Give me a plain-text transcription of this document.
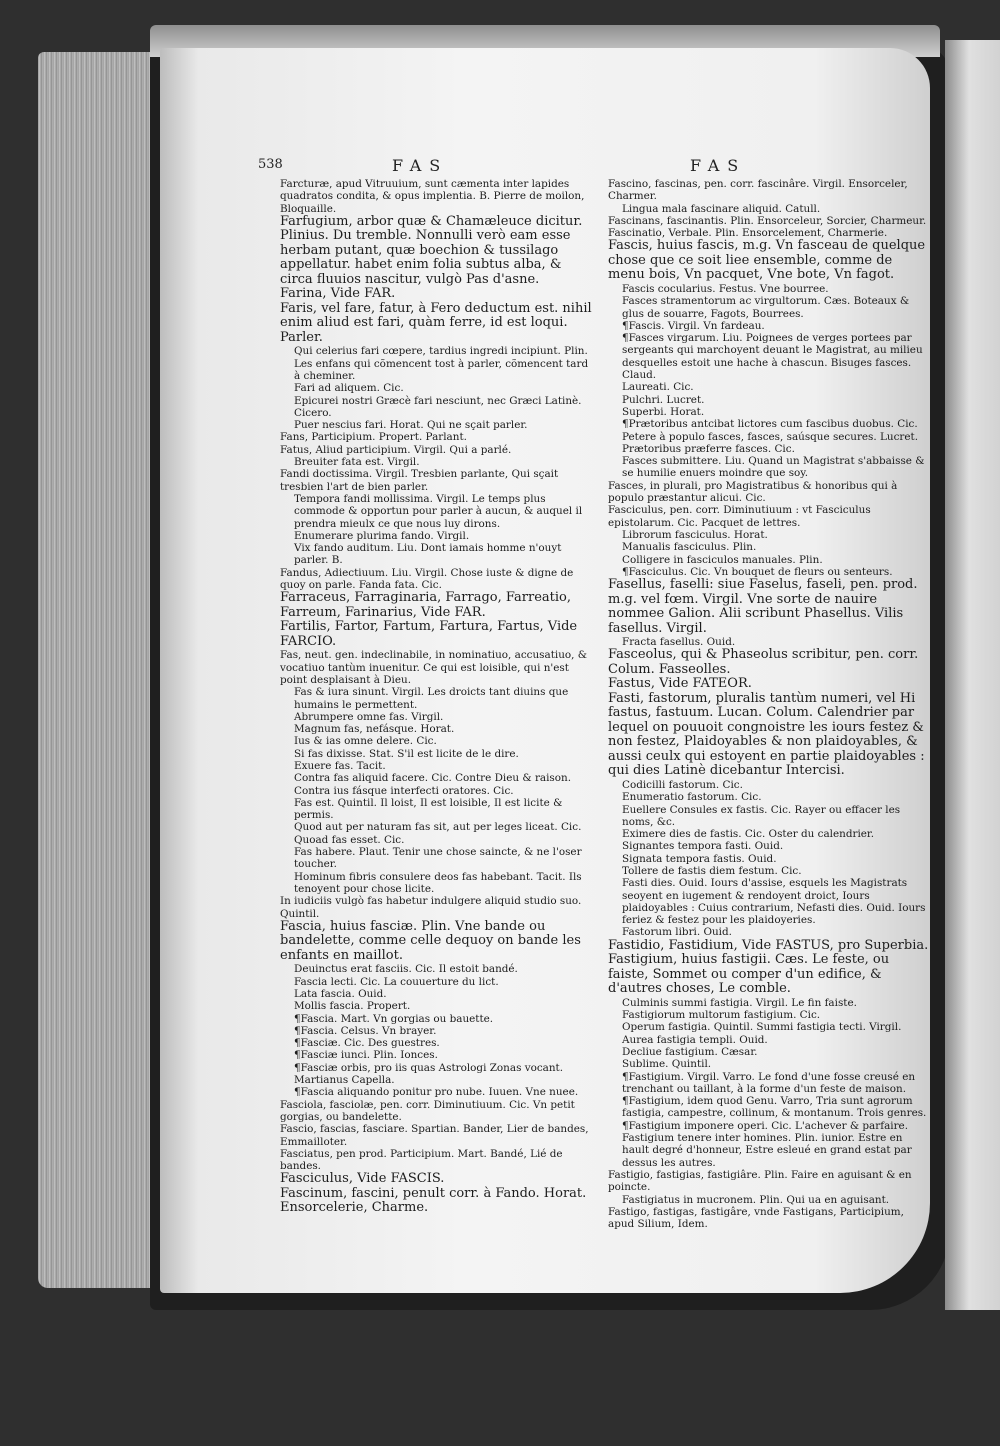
538	FAS	FAS

Farcturæ, apud Vitruuium, sunt cæmenta inter lapides quadratos condita, & opus implentia. B. Pierre de moilon, Bloquaille.

Farfugium, arbor quæ & Chamæleuce dicitur. Plinius. Du tremble. Nonnulli verò eam esse herbam putant, quæ boechion & tussilago appellatur. habet enim folia subtus alba, & circa fluuios nascitur, vulgò Pas d'asne.

Farina, Vide FAR.

Faris, vel fare, fatur, à Fero deductum est. nihil enim aliud est fari, quàm ferre, id est loqui. Parler.

Qui celerius fari cœpere, tardius ingredi incipiunt. Plin. Les enfans qui cõmencent tost à parler, cõmencent tard à cheminer.

Fari ad aliquem. Cic.

Epicurei nostri Græcè fari nesciunt, nec Græci Latinè. Cicero.

Puer nescius fari. Horat. Qui ne sçait parler.

Fans, Participium. Propert. Parlant.

Fatus, Aliud participium. Virgil. Qui a parlé.

Breuiter fata est. Virgil.

Fandi doctissima. Virgil. Tresbien parlante, Qui sçait tresbien l'art de bien parler.

Tempora fandi mollissima. Virgil. Le temps plus commode & opportun pour parler à aucun, & auquel il prendra mieulx ce que nous luy dirons.

Enumerare plurima fando. Virgil.

Vix fando auditum. Liu. Dont iamais homme n'ouyt parler. B.

Fandus, Adiectiuum. Liu. Virgil. Chose iuste & digne de quoy on parle. Fanda fata. Cic.

Farraceus, Farraginaria, Farrago, Farreatio, Farreum, Farinarius, Vide FAR.

Fartilis, Fartor, Fartum, Fartura, Fartus, Vide FARCIO.

Fas, neut. gen. indeclinabile, in nominatiuo, accusatiuo, & vocatiuo tantùm inuenitur. Ce qui est loisible, qui n'est point desplaisant à Dieu.

Fas & iura sinunt. Virgil. Les droicts tant diuins que humains le permettent.

Abrumpere omne fas. Virgil.

Magnum fas, nefásque. Horat.

Ius & ias omne delere. Cic.

Si fas dixisse. Stat. S'il est licite de le dire.

Exuere fas. Tacit.

Contra fas aliquid facere. Cic. Contre Dieu & raison.

Contra ius fásque interfecti oratores. Cic.

Fas est. Quintil. Il loist, Il est loisible, Il est licite & permis.

Quod aut per naturam fas sit, aut per leges liceat. Cic.

Quoad fas esset. Cic.

Fas habere. Plaut. Tenir une chose saincte, & ne l'oser toucher.

Hominum fibris consulere deos fas habebant. Tacit. Ils tenoyent pour chose licite.

In iudiciis vulgò fas habetur indulgere aliquid studio suo. Quintil.

Fascia, huius fasciæ. Plin. Vne bande ou bandelette, comme celle dequoy on bande les enfants en maillot.

Deuinctus erat fasciis. Cic. Il estoit bandé.

Fascia lecti. Cic. La couuerture du lict.

Lata fascia. Ouid.

Mollis fascia. Propert.

¶Fascia. Mart. Vn gorgias ou bauette.

¶Fascia. Celsus. Vn brayer.

¶Fasciæ. Cic. Des guestres.

¶Fasciæ iunci. Plin. Ionces.

¶Fasciæ orbis, pro iis quas Astrologi Zonas vocant. Martianus Capella.

¶Fascia aliquando ponitur pro nube. Iuuen. Vne nuee.

Fasciola, fasciolæ, pen. corr. Diminutiuum. Cic. Vn petit gorgias, ou bandelette.

Fascio, fascias, fasciare. Spartian. Bander, Lier de bandes, Emmailloter.

Fasciatus, pen prod. Participium. Mart. Bandé, Lié de bandes.

Fasciculus, Vide FASCIS.

Fascinum, fascini, penult corr. à Fando. Horat. Ensorcelerie, Charme.

Fascino, fascinas, pen. corr. fascinâre. Virgil. Ensorceler, Charmer.

Lingua mala fascinare aliquid. Catull.

Fascinans, fascinantis. Plin. Ensorceleur, Sorcier, Charmeur.

Fascinatio, Verbale. Plin. Ensorcelement, Charmerie.

Fascis, huius fascis, m.g. Vn fasceau de quelque chose que ce soit liee ensemble, comme de menu bois, Vn pacquet, Vne bote, Vn fagot.

Fascis cocularius. Festus. Vne bourree.

Fasces stramentorum ac virgultorum. Cæs. Boteaux & glus de souarre, Fagots, Bourrees.

¶Fascis. Virgil. Vn fardeau.

¶Fasces virgarum. Liu. Poignees de verges portees par sergeants qui marchoyent deuant le Magistrat, au milieu desquelles estoit une hache à chascun. Bisuges fasces. Claud.

Laureati. Cic.

Pulchri. Lucret.

Superbi. Horat.

¶Prætoribus antcibat lictores cum fascibus duobus. Cic.

Petere à populo fasces, fasces, saúsque secures. Lucret.

Prætoribus præferre fasces. Cic.

Fasces submittere. Liu. Quand un Magistrat s'abbaisse & se humilie enuers moindre que soy.

Fasces, in plurali, pro Magistratibus & honoribus qui à populo præstantur alicui. Cic.

Fasciculus, pen. corr. Diminutiuum : vt Fasciculus epistolarum. Cic. Pacquet de lettres.

Librorum fasciculus. Horat.

Manualis fasciculus. Plin.

Colligere in fasciculos manuales. Plin.

¶Fasciculus. Cic. Vn bouquet de fleurs ou senteurs.

Fasellus, faselli: siue Faselus, faseli, pen. prod. m.g. vel fœm. Virgil. Vne sorte de nauire nommee Galion. Alii scribunt Phasellus. Vilis fasellus. Virgil.

Fracta fasellus. Ouid.

Fasceolus, qui & Phaseolus scribitur, pen. corr. Colum. Fasseolles.

Fastus, Vide FATEOR.

Fasti, fastorum, pluralis tantùm numeri, vel Hi fastus, fastuum. Lucan. Colum. Calendrier par lequel on pouuoit congnoistre les iours festez & non festez, Plaidoyables & non plaidoyables, & aussi ceulx qui estoyent en partie plaidoyables : qui dies Latinè dicebantur Intercisi.

Codicilli fastorum. Cic.

Enumeratio fastorum. Cic.

Euellere Consules ex fastis. Cic. Rayer ou effacer les noms, &c.

Eximere dies de fastis. Cic. Oster du calendrier.

Signantes tempora fasti. Ouid.

Signata tempora fastis. Ouid.

Tollere de fastis diem festum. Cic.

Fasti dies. Ouid. Iours d'assise, esquels les Magistrats seoyent en iugement & rendoyent droict, Iours plaidoyables : Cuius contrarium, Nefasti dies. Ouid. Iours feriez & festez pour les plaidoyeries.

Fastorum libri. Ouid.

Fastidio, Fastidium, Vide FASTUS, pro Superbia.

Fastigium, huius fastigii. Cæs. Le feste, ou faiste, Sommet ou comper d'un edifice, & d'autres choses, Le comble.

Culminis summi fastigia. Virgil. Le fin faiste.

Fastigiorum multorum fastigium. Cic.

Operum fastigia. Quintil. Summi fastigia tecti. Virgil.

Aurea fastigia templi. Ouid.

Decliue fastigium. Cæsar.

Sublime. Quintil.

¶Fastigium. Virgil. Varro. Le fond d'une fosse creusé en trenchant ou taillant, à la forme d'un feste de maison.

¶Fastigium, idem quod Genu. Varro, Tria sunt agrorum fastigia, campestre, collinum, & montanum. Trois genres.

¶Fastigium imponere operi. Cic. L'achever & parfaire.

Fastigium tenere inter homines. Plin. iunior. Estre en hault degré d'honneur, Estre esleué en grand estat par dessus les autres.

Fastigio, fastigias, fastigiâre. Plin. Faire en aguisant & en poincte.

Fastigiatus in mucronem. Plin. Qui ua en aguisant.

Fastigo, fastigas, fastigâre, vnde Fastigans, Participium, apud Silium, Idem.
